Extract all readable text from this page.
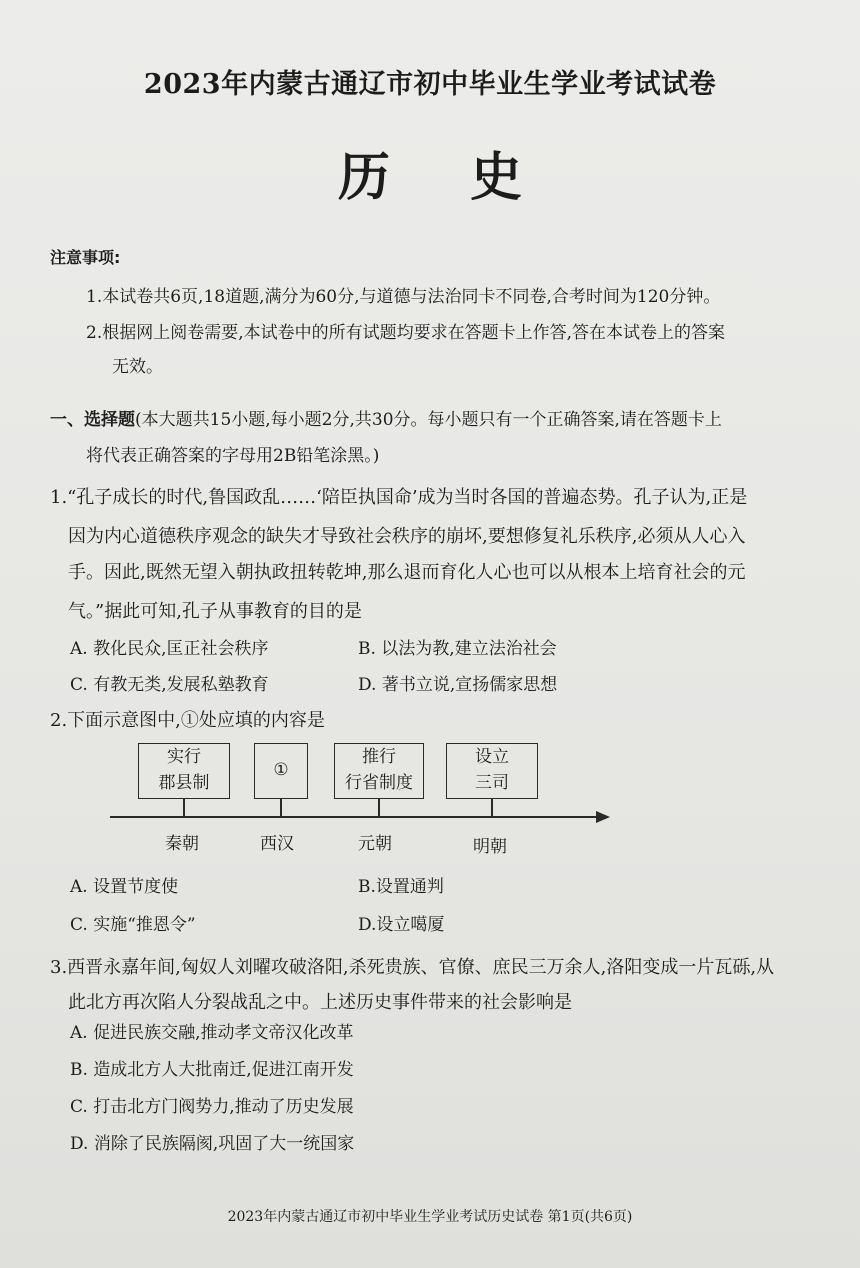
2023年内蒙古通辽市初中毕业生学业考试试卷
历史
注意事项:
1.本试卷共6页,18道题,满分为60分,与道德与法治同卡不同卷,合考时间为120分钟。
2.根据网上阅卷需要,本试卷中的所有试题均要求在答题卡上作答,答在本试卷上的答案
无效。
一、选择题(本大题共15小题,每小题2分,共30分。每小题只有一个正确答案,请在答题卡上
将代表正确答案的字母用2B铅笔涂黑。)
1.“孔子成长的时代,鲁国政乱……‘陪臣执国命’成为当时各国的普遍态势。孔子认为,正是
因为内心道德秩序观念的缺失才导致社会秩序的崩坏,要想修复礼乐秩序,必须从人心入
手。因此,既然无望入朝执政扭转乾坤,那么退而育化人心也可以从根本上培育社会的元
气。”据此可知,孔子从事教育的目的是
A. 教化民众,匡正社会秩序	B. 以法为教,建立法治社会
C. 有教无类,发展私塾教育	D. 著书立说,宣扬儒家思想
2.下面示意图中,①处应填的内容是
实行
郡县制
①
推行
行省制度
设立
三司
秦朝	西汉	元朝	明朝
A. 设置节度使	B.设置通判
C. 实施“推恩令”	D.设立噶厦
3.西晋永嘉年间,匈奴人刘曜攻破洛阳,杀死贵族、官僚、庶民三万余人,洛阳变成一片瓦砾,从
此北方再次陷人分裂战乱之中。上述历史事件带来的社会影响是
A. 促进民族交融,推动孝文帝汉化改革
B. 造成北方人大批南迁,促进江南开发
C. 打击北方门阀势力,推动了历史发展
D. 消除了民族隔阂,巩固了大一统国家
2023年内蒙古通辽市初中毕业生学业考试历史试卷 第1页(共6页)
